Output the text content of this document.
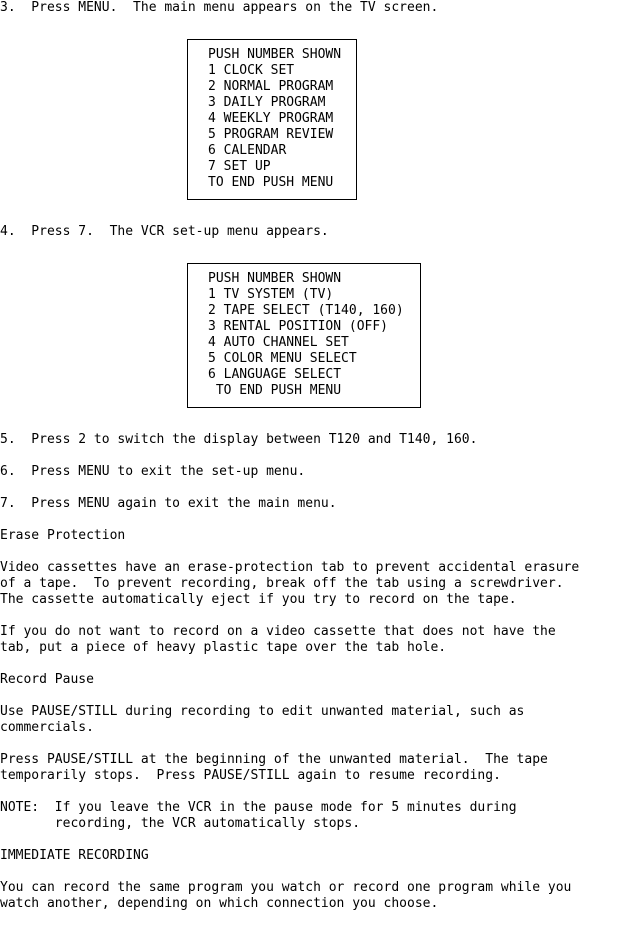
3.  Press MENU.  The main menu appears on the TV screen.
PUSH NUMBER SHOWN
1 CLOCK SET
2 NORMAL PROGRAM
3 DAILY PROGRAM
4 WEEKLY PROGRAM
5 PROGRAM REVIEW
6 CALENDAR
7 SET UP
TO END PUSH MENU
4.  Press 7.  The VCR set-up menu appears.
PUSH NUMBER SHOWN
1 TV SYSTEM (TV)
2 TAPE SELECT (T140, 160)
3 RENTAL POSITION (OFF)
4 AUTO CHANNEL SET
5 COLOR MENU SELECT
6 LANGUAGE SELECT
TO END PUSH MENU
5.  Press 2 to switch the display between T120 and T140, 160.
6.  Press MENU to exit the set-up menu.
7.  Press MENU again to exit the main menu.
Erase Protection
Video cassettes have an erase-protection tab to prevent accidental erasure
of a tape.  To prevent recording, break off the tab using a screwdriver.
The cassette automatically eject if you try to record on the tape.
If you do not want to record on a video cassette that does not have the
tab, put a piece of heavy plastic tape over the tab hole.
Record Pause
Use PAUSE/STILL during recording to edit unwanted material, such as
commercials.
Press PAUSE/STILL at the beginning of the unwanted material.  The tape
temporarily stops.  Press PAUSE/STILL again to resume recording.
NOTE:  If you leave the VCR in the pause mode for 5 minutes during
recording, the VCR automatically stops.
IMMEDIATE RECORDING
You can record the same program you watch or record one program while you
watch another, depending on which connection you choose.
